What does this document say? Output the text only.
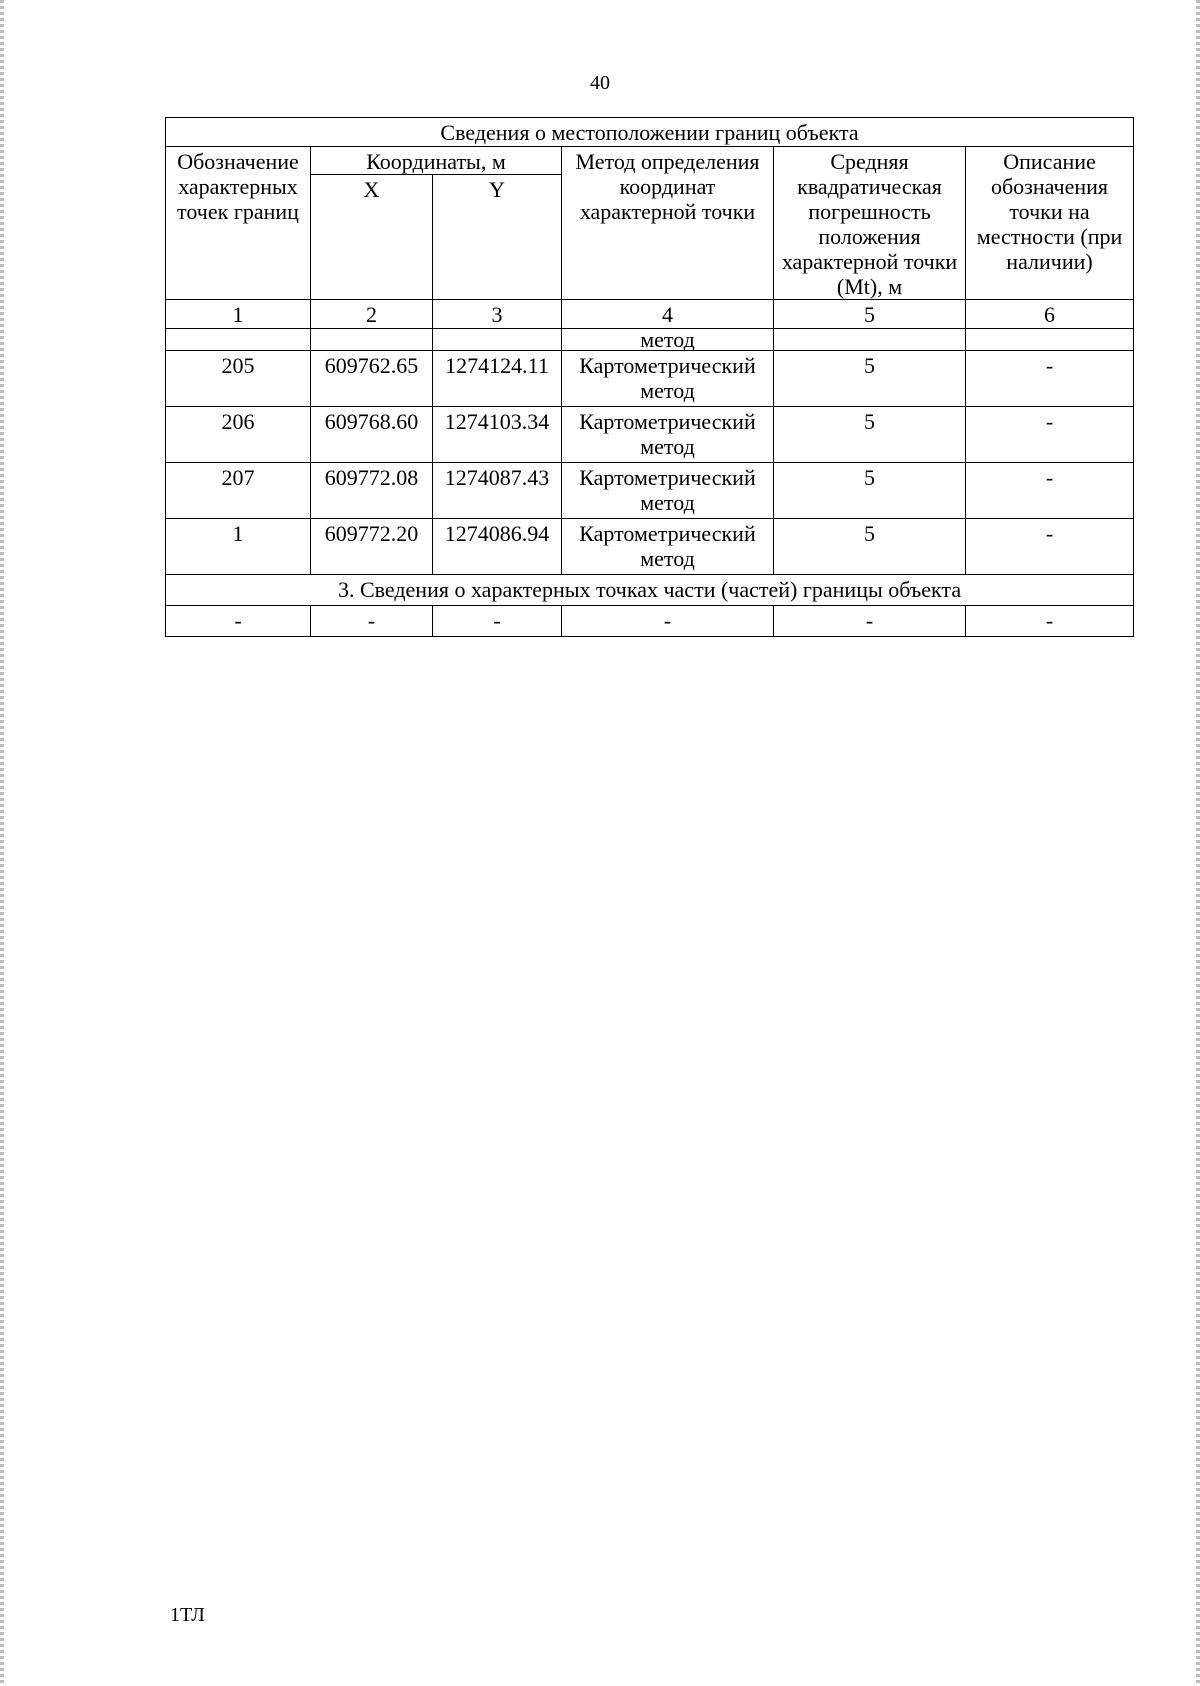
40
Сведения о местоположении границ объекта					
Обозначение характерных точек границ	Координаты, м		Метод определения координат характерной точки	Средняя квадратическая погрешность положения характерной точки (Mt), м	Описание обозначения точки на местности (при наличии)
	X	Y			
1	2	3	4	5	6
			метод		
205	609762.65	1274124.11	Картометрический метод	5	-
206	609768.60	1274103.34	Картометрический метод	5	-
207	609772.08	1274087.43	Картометрический метод	5	-
1	609772.20	1274086.94	Картометрический метод	5	-
3. Сведения о характерных точках части (частей) границы объекта					
-	-	-	-	-	-
1ТЛ
